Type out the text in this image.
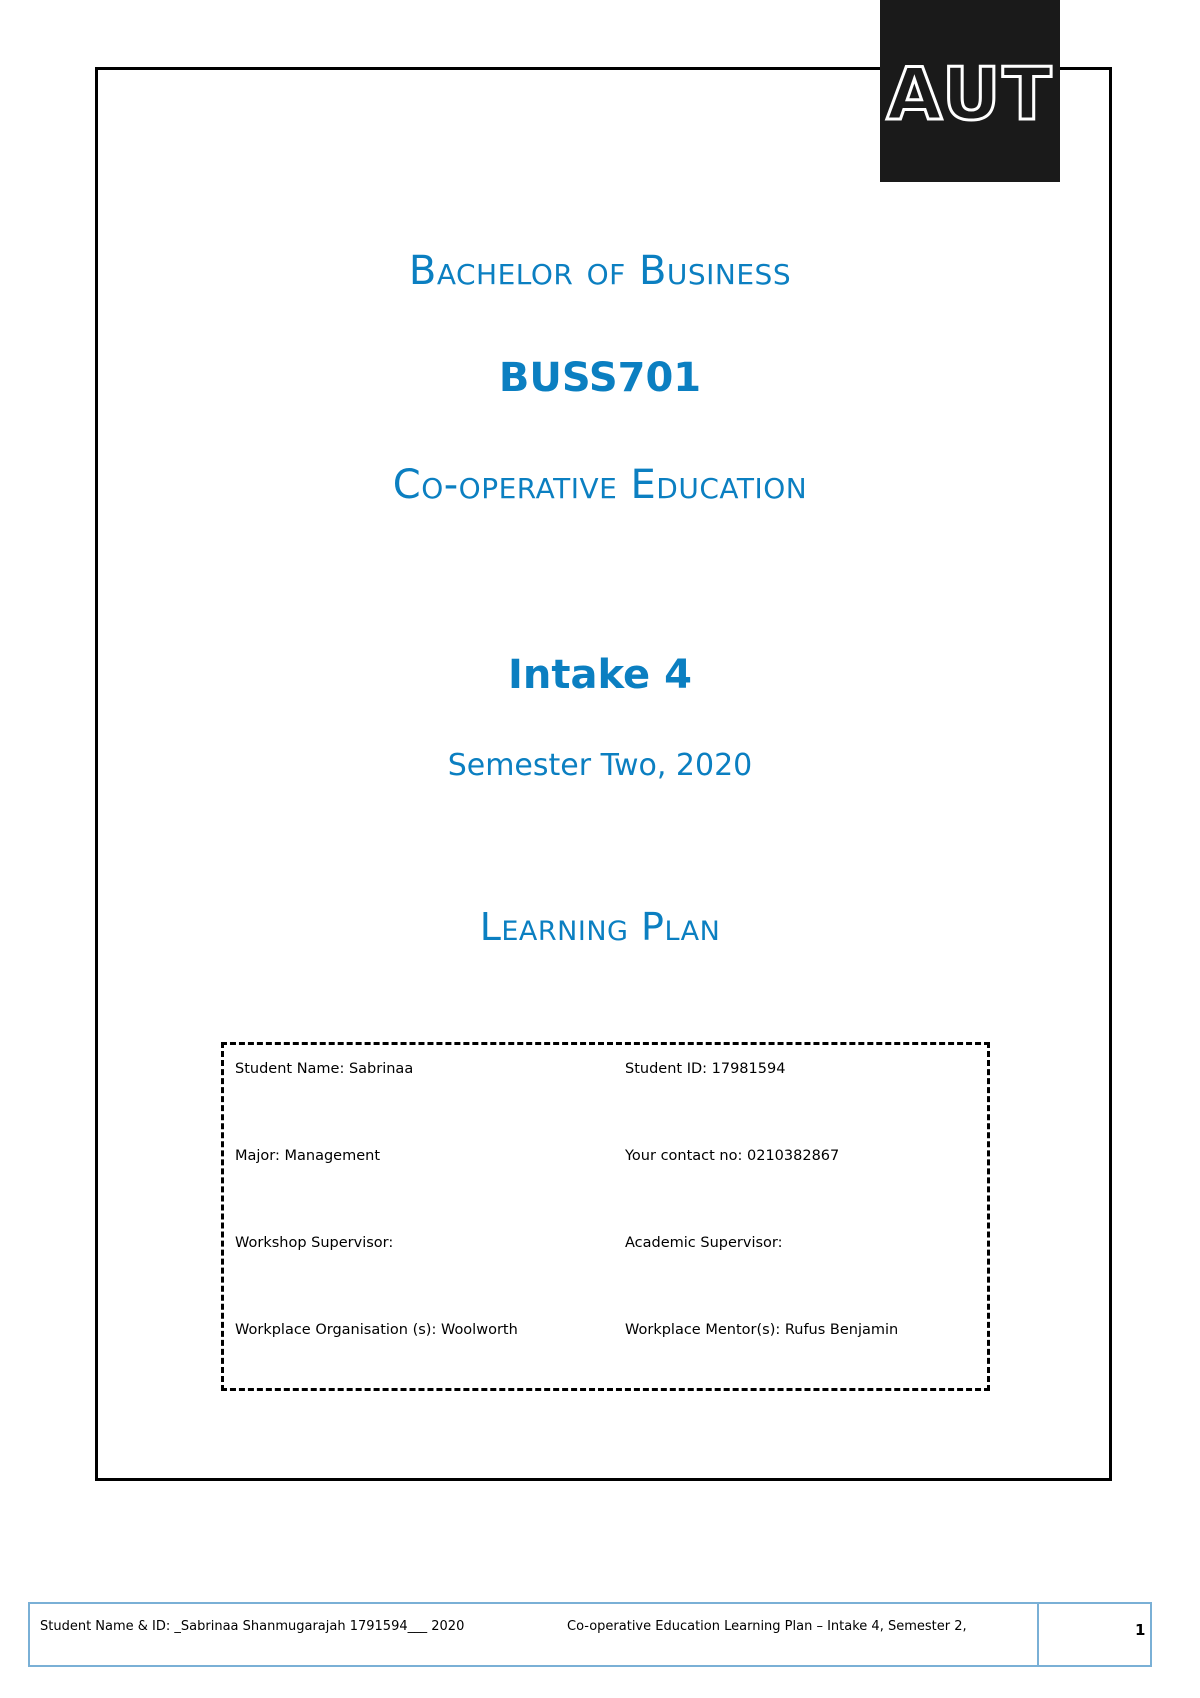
AUT
Bachelor of Business
BUSS701
Co-operative Education
Intake 4
Semester Two, 2020
Learning Plan
Student Name: Sabrinaa	Student ID: 17981594
Major: Management	Your contact no: 0210382867
Workshop Supervisor:	Academic Supervisor:
Workplace Organisation (s): Woolworth	Workplace Mentor(s): Rufus Benjamin
Student Name & ID: _Sabrinaa Shanmugarajah 1791594___ 2020	Co-operative Education Learning Plan – Intake 4, Semester 2,	1
